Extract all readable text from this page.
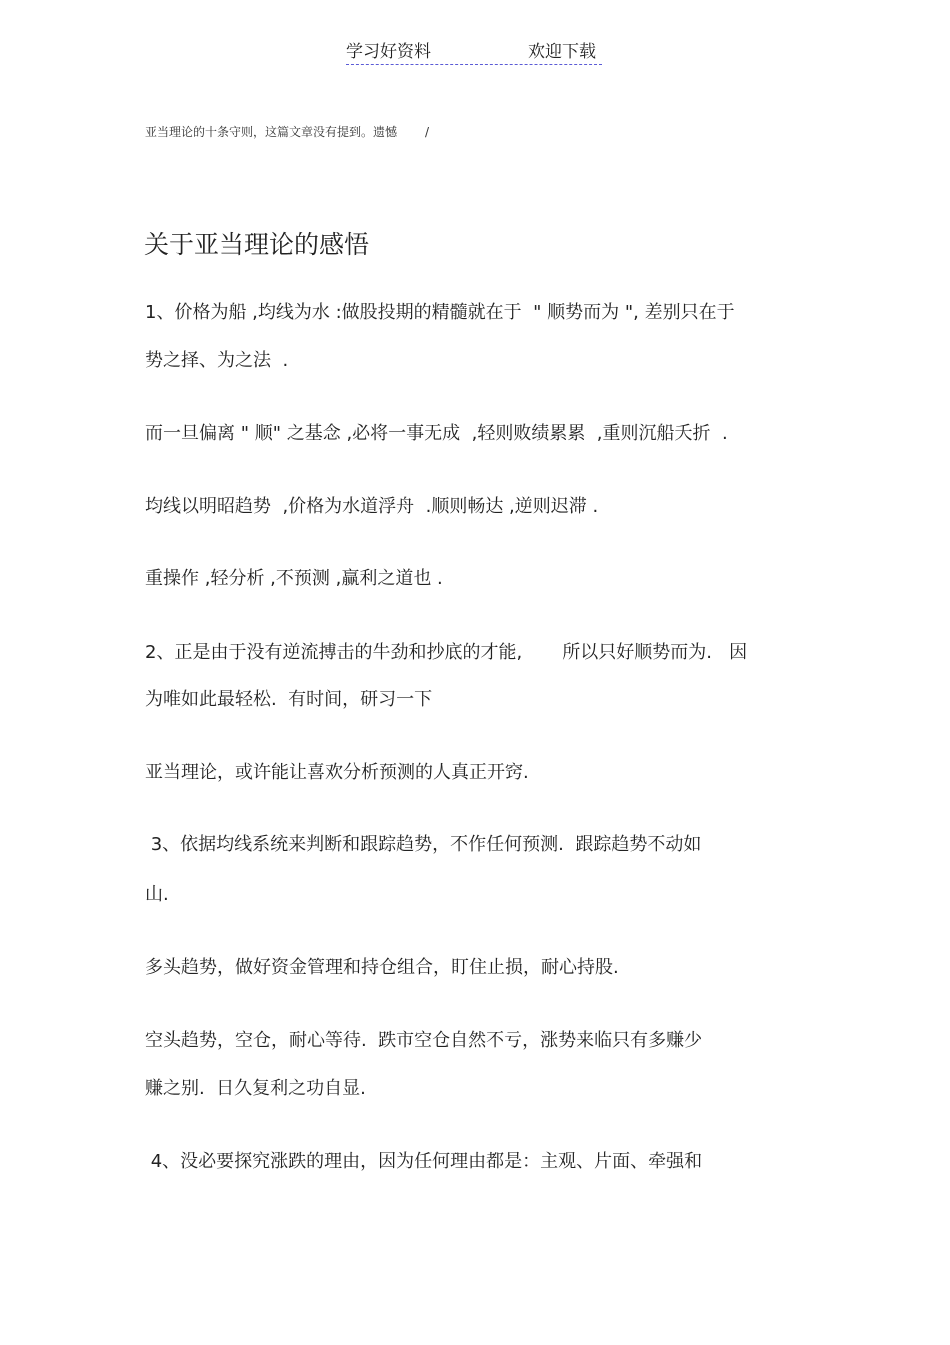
学习好资料	欢迎下载
亚当理论的十条守则，这篇文章没有提到。遗憾 /
关于亚当理论的感悟
1、价格为船 ,均线为水 :做股投期的精髓就在于  " 顺势而为 ", 差别只在于
势之择、为之法  .
而一旦偏离 " 顺" 之基念 ,必将一事无成  ,轻则败绩累累  ,重则沉船夭折  .
均线以明昭趋势  ,价格为水道浮舟  .顺则畅达 ,逆则迟滞 .
重操作 ,轻分析 ,不预测 ,赢利之道也 .
2、正是由于没有逆流搏击的牛劲和抄底的才能,       所以只好顺势而为.   因
为唯如此最轻松.  有时间，研习一下
亚当理论，或许能让喜欢分析预测的人真正开窍.
3、依据均线系统来判断和跟踪趋势，不作任何预测.  跟踪趋势不动如
山.
多头趋势，做好资金管理和持仓组合，盯住止损，耐心持股.
空头趋势，空仓，耐心等待.  跌市空仓自然不亏，涨势来临只有多赚少
赚之别.  日久复利之功自显.
4、没必要探究涨跌的理由，因为任何理由都是：主观、片面、牵强和
